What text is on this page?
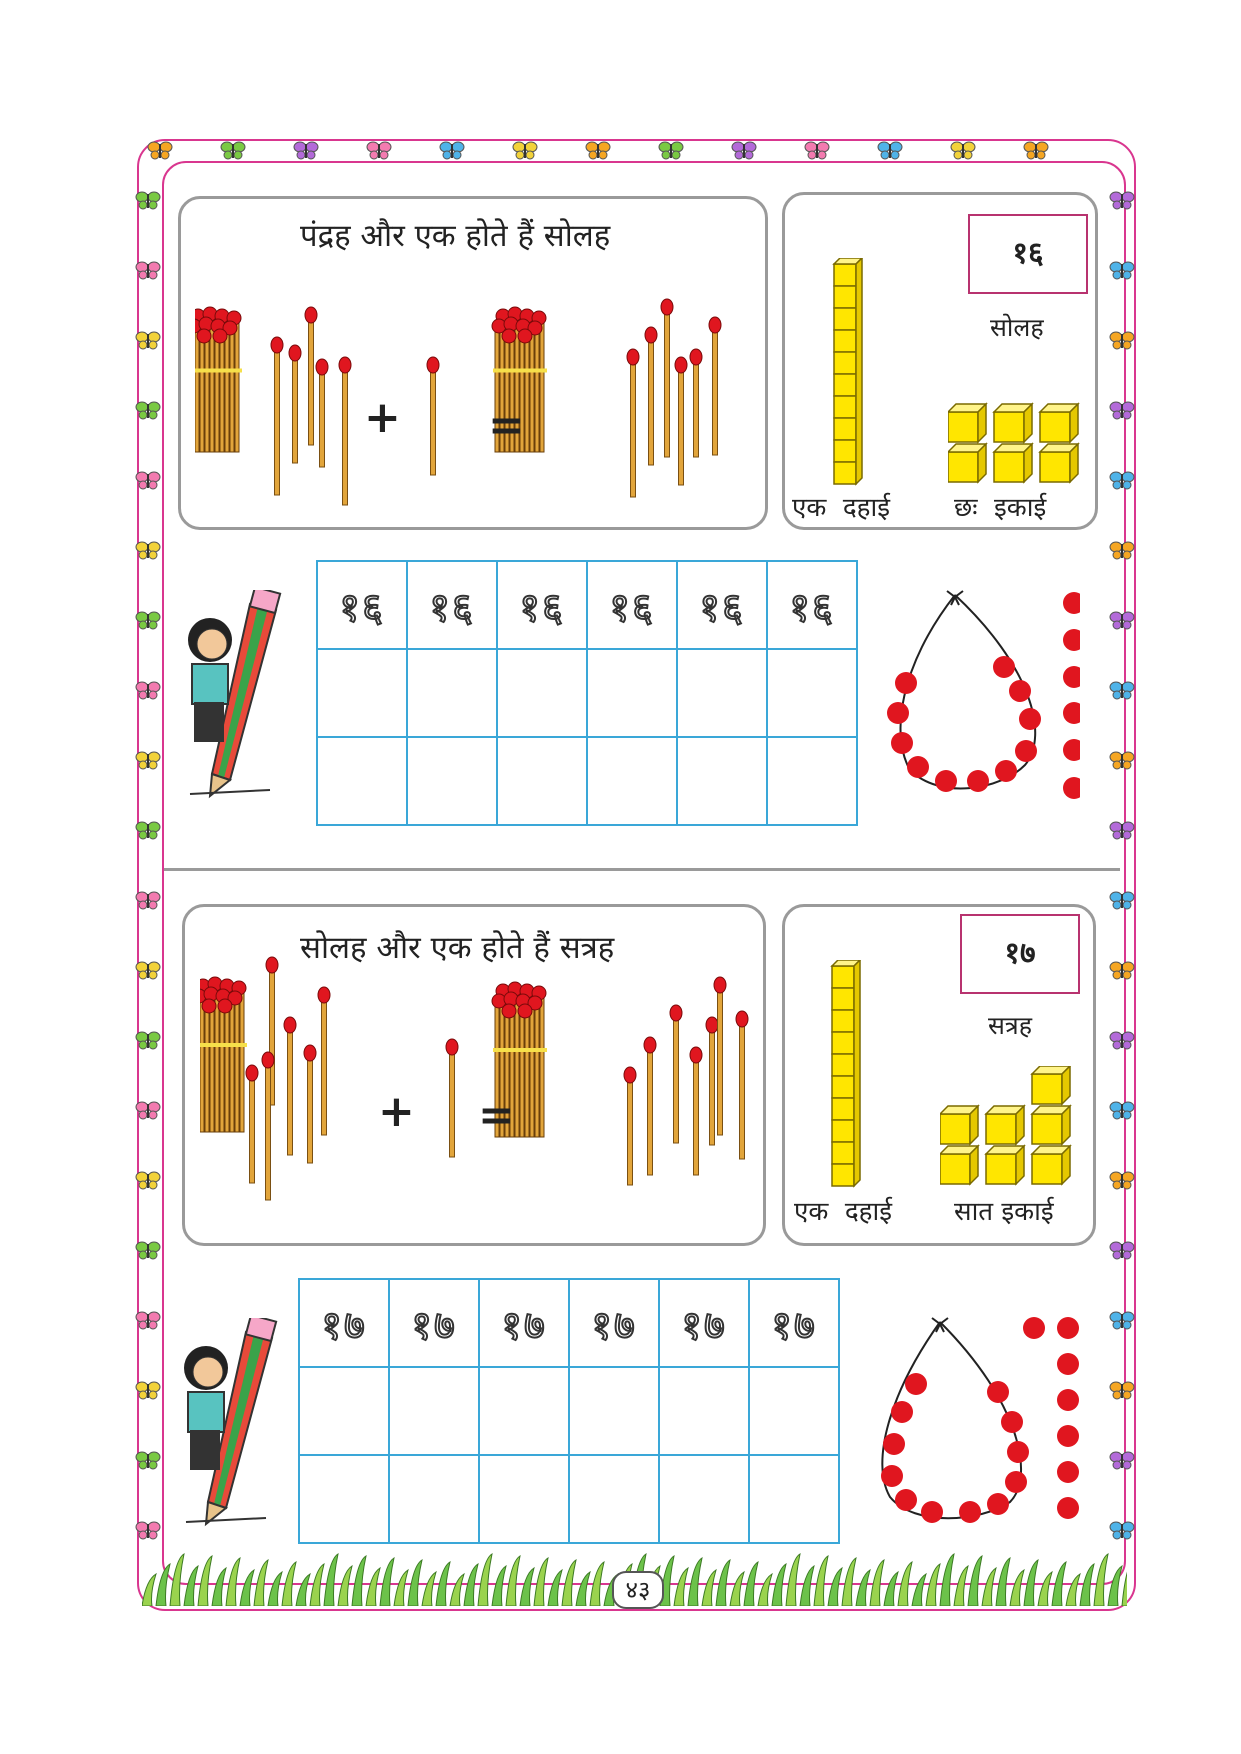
पंद्रह और एक होते हैं सोलह
+ =
१६
सोलह
एक  दहाई छः  इकाई
१६	१६	१६	१६	१६	१६

सोलह और एक होते हैं सत्रह
+ =
१७
सत्रह
एक  दहाई सात इकाई
१७	१७	१७	१७	१७	१७

४३
